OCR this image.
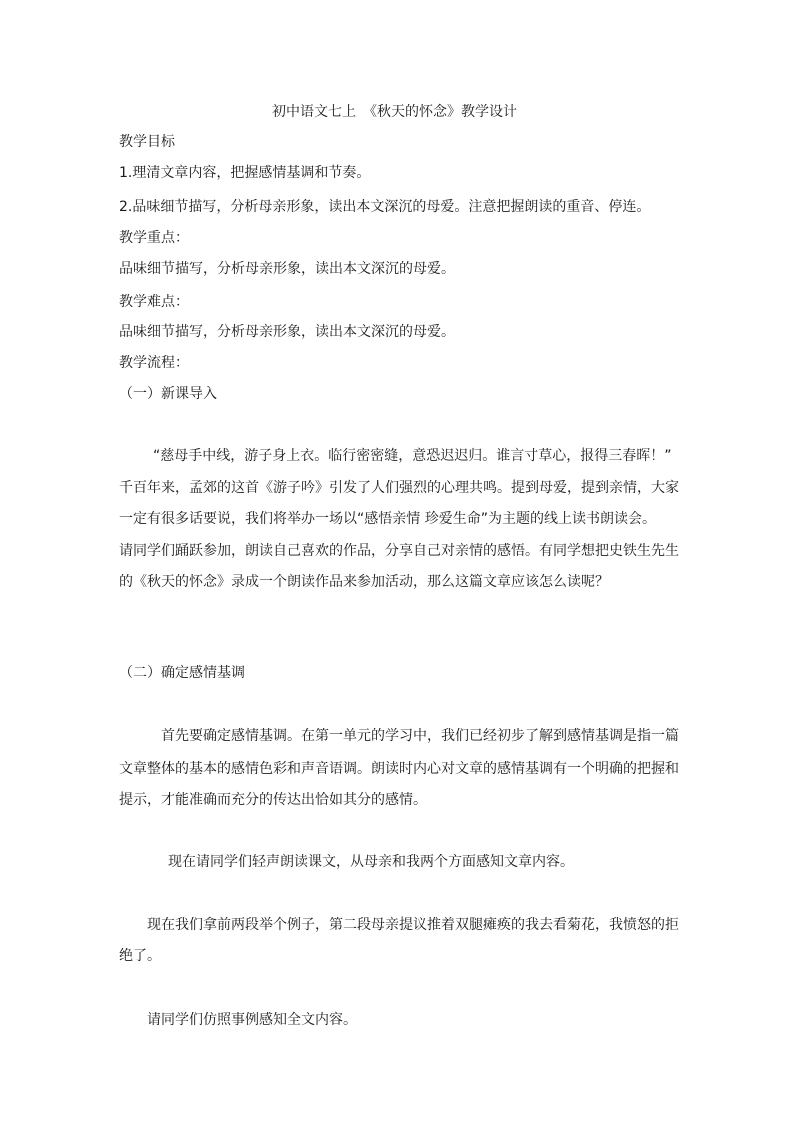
初中语文七上　《秋天的怀念》教学设计
教学目标
1.理清文章内容，把握感情基调和节奏。
2.品味细节描写，分析母亲形象，读出本文深沉的母爱。注意把握朗读的重音、停连。
教学重点：
品味细节描写，分析母亲形象，读出本文深沉的母爱。
教学难点：
品味细节描写，分析母亲形象，读出本文深沉的母爱。
教学流程：
（一）新课导入
“慈母手中线，游子身上衣。临行密密缝，意恐迟迟归。谁言寸草心，报得三春晖！”
千百年来，孟郊的这首《游子吟》引发了人们强烈的心理共鸣。提到母爱，提到亲情，大家
一定有很多话要说，我们将举办一场以“感悟亲情 珍爱生命”为主题的线上读书朗读会。
请同学们踊跃参加，朗读自己喜欢的作品，分享自己对亲情的感悟。有同学想把史铁生先生
的《秋天的怀念》录成一个朗读作品来参加活动，那么这篇文章应该怎么读呢？
（二）确定感情基调
首先要确定感情基调。在第一单元的学习中，我们已经初步了解到感情基调是指一篇
文章整体的基本的感情色彩和声音语调。朗读时内心对文章的感情基调有一个明确的把握和
提示，才能准确而充分的传达出恰如其分的感情。
现在请同学们轻声朗读课文，从母亲和我两个方面感知文章内容。
现在我们拿前两段举个例子，第二段母亲提议推着双腿瘫痪的我去看菊花，我愤怒的拒
绝了。
请同学们仿照事例感知全文内容。
